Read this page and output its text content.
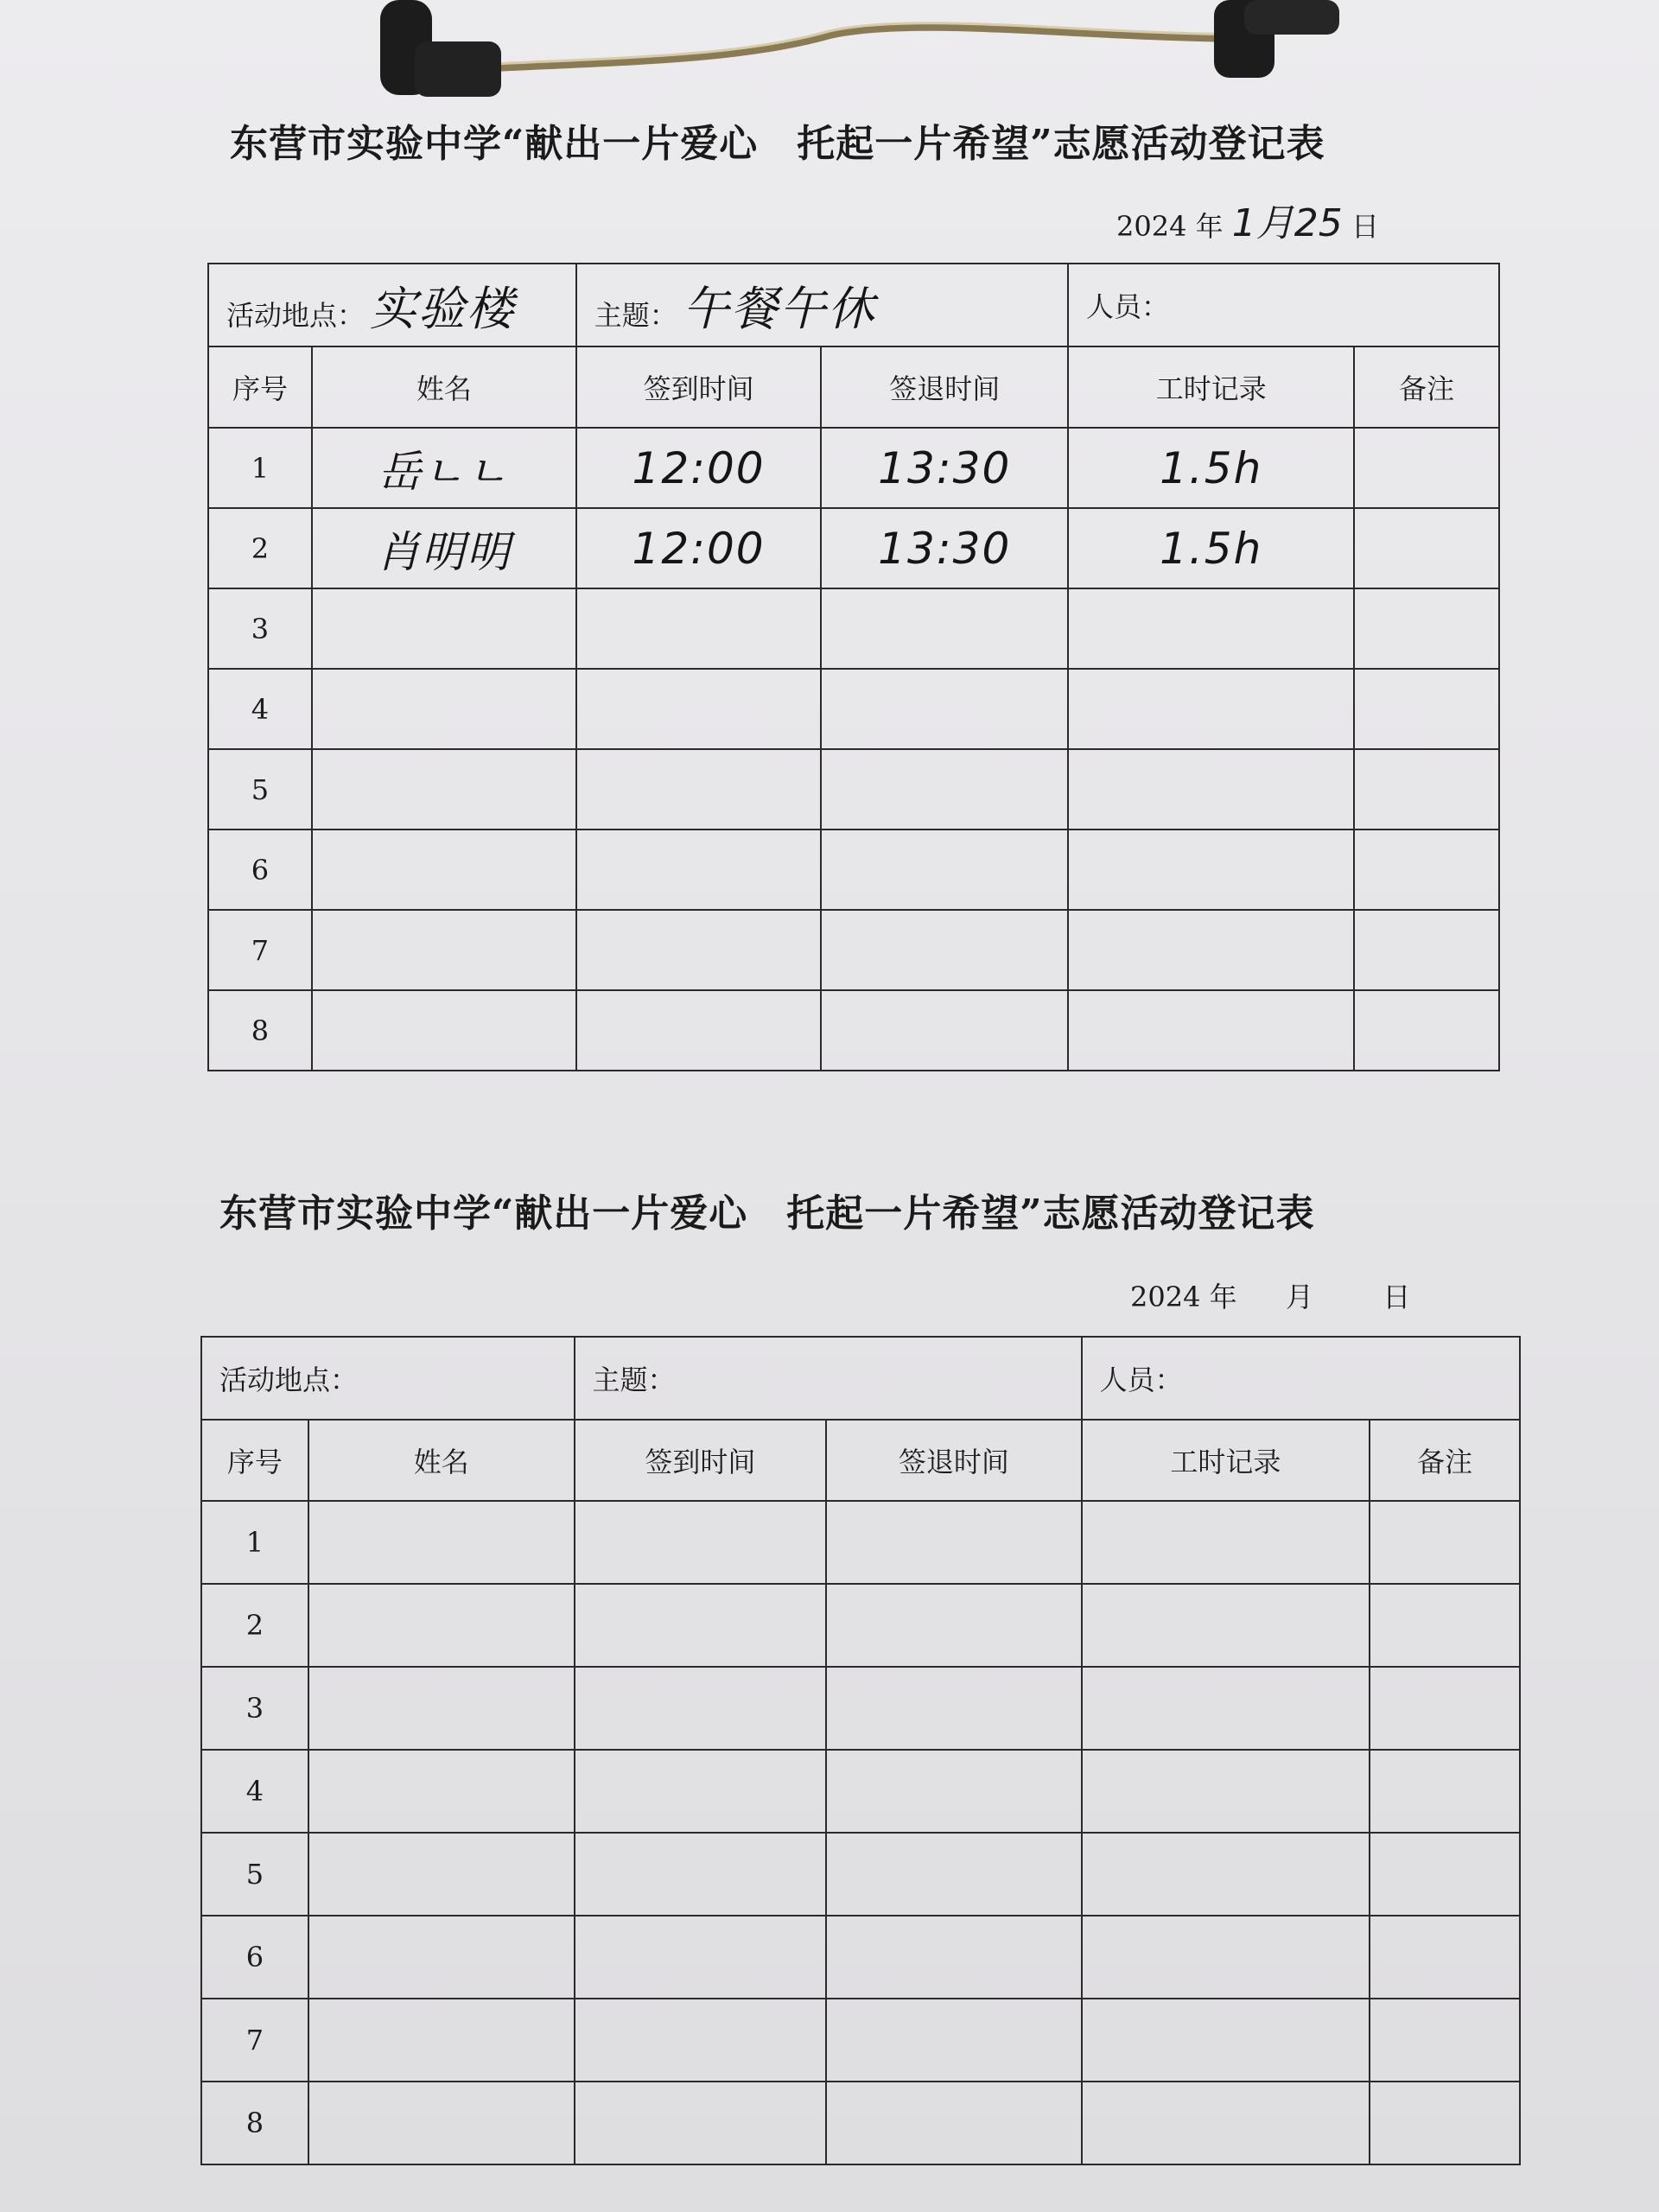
东营市实验中学“献出一片爱心　托起一片希望”志愿活动登记表
2024 年 1月25 日
活动地点： 实验楼		主题： 午餐午休		人员：	
序号	姓名	签到时间	签退时间	工时记录	备注
1	岳ㄴㄴ	12:00	13:30	1.5h	
2	肖明明	12:00	13:30	1.5h	
3					
4					
5					
6					
7					
8					
东营市实验中学“献出一片爱心　托起一片希望”志愿活动登记表
2024 年 月	日
活动地点：		主题：		人员：	
序号	姓名	签到时间	签退时间	工时记录	备注
1					
2					
3					
4					
5					
6					
7					
8					
